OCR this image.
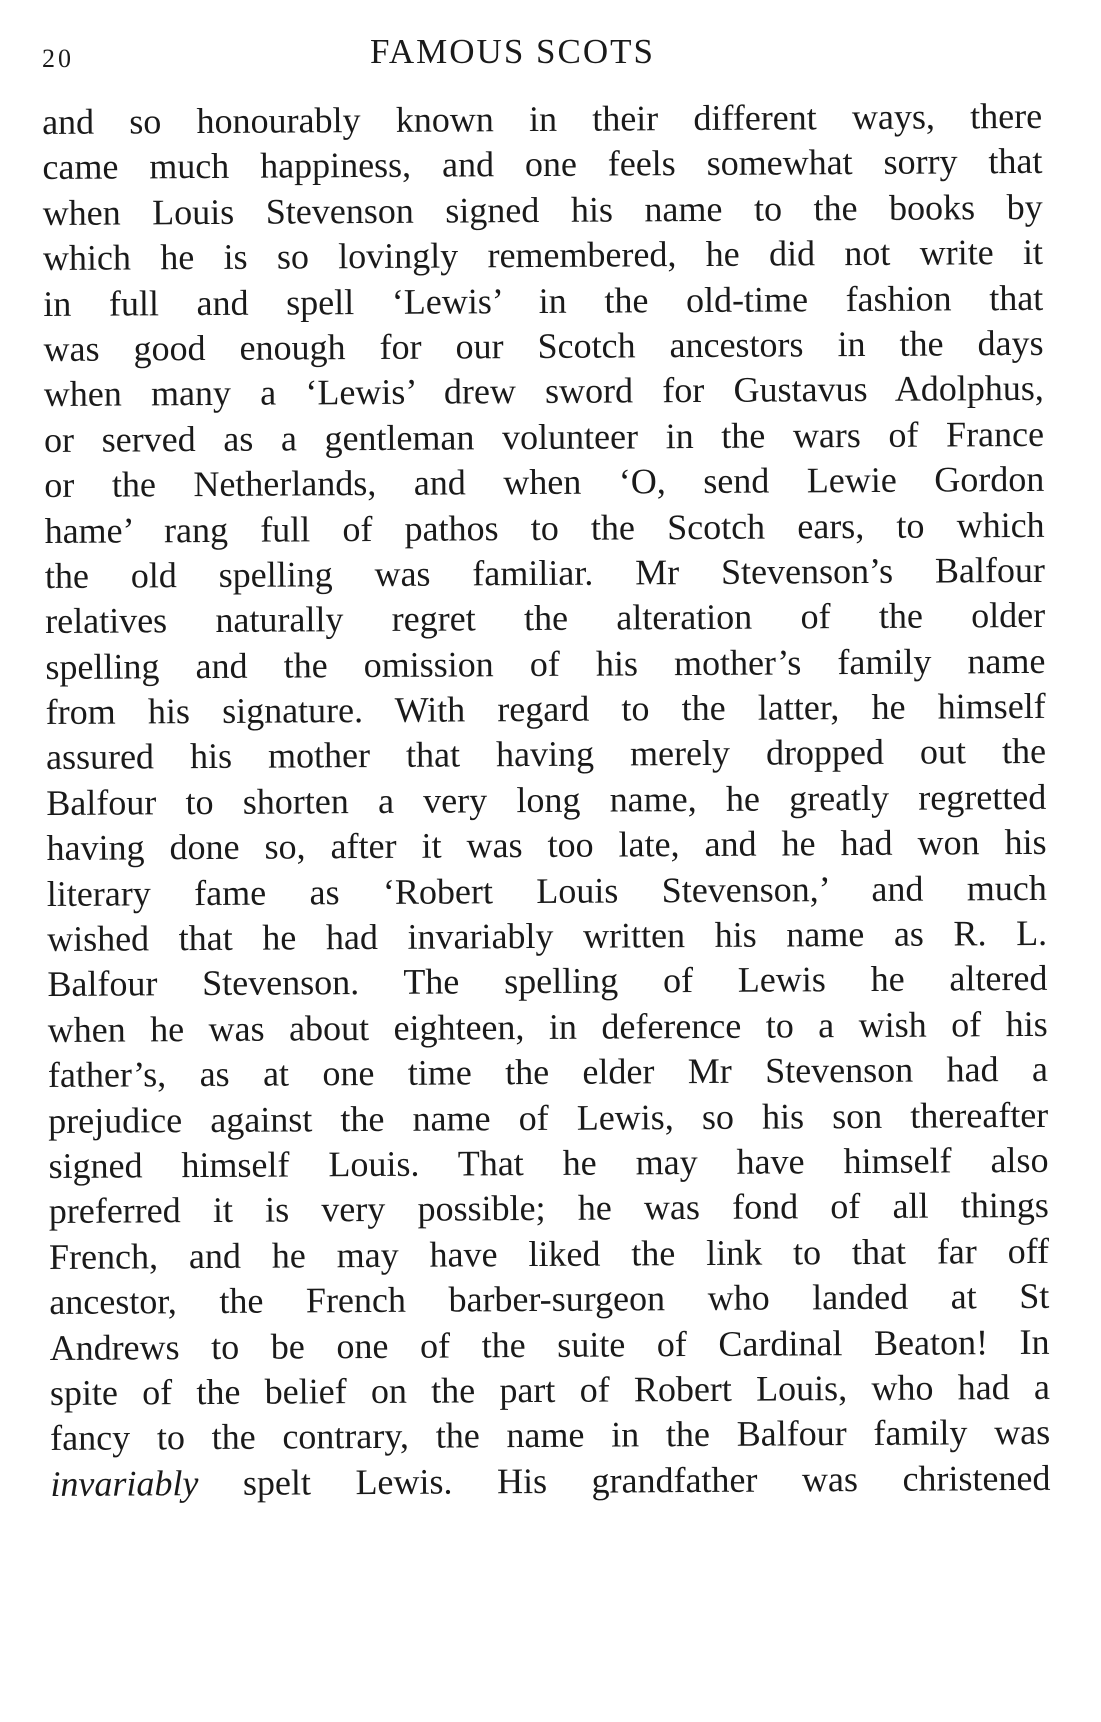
20	FAMOUS SCOTS
and so honourably known in their different ways, there
came much happiness, and one feels somewhat sorry that
when Louis Stevenson signed his name to the books by
which he is so lovingly remembered, he did not write it
in full and spell ‘Lewis’ in the old-time fashion that
was good enough for our Scotch ancestors in the days
when many a ‘Lewis’ drew sword for Gustavus Adolphus,
or served as a gentleman volunteer in the wars of France
or the Netherlands, and when ‘O, send Lewie Gordon
hame’ rang full of pathos to the Scotch ears, to which
the old spelling was familiar. Mr Stevenson’s Balfour
relatives naturally regret the alteration of the older
spelling and the omission of his mother’s family name
from his signature. With regard to the latter, he himself
assured his mother that having merely dropped out the
Balfour to shorten a very long name, he greatly regretted
having done so, after it was too late, and he had won his
literary fame as ‘Robert Louis Stevenson,’ and much
wished that he had invariably written his name as R. L.
Balfour Stevenson. The spelling of Lewis he altered
when he was about eighteen, in deference to a wish of his
father’s, as at one time the elder Mr Stevenson had a
prejudice against the name of Lewis, so his son thereafter
signed himself Louis. That he may have himself also
preferred it is very possible; he was fond of all things
French, and he may have liked the link to that far off
ancestor, the French barber-surgeon who landed at St
Andrews to be one of the suite of Cardinal Beaton! In
spite of the belief on the part of Robert Louis, who had a
fancy to the contrary, the name in the Balfour family was
invariably spelt Lewis. His grandfather was christened
